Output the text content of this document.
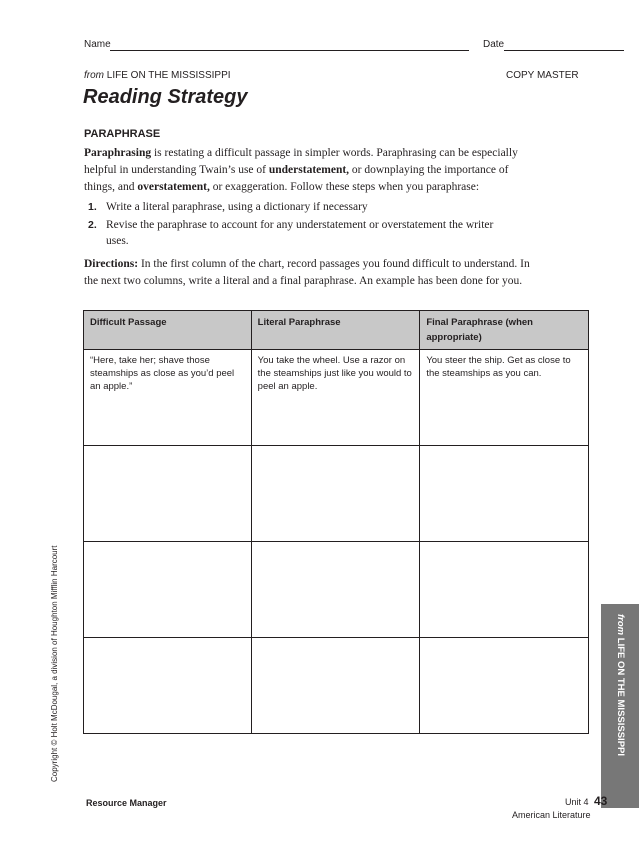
Name	Date
from LIFE ON THE MISSISSIPPI	COPY MASTER
Reading Strategy
PARAPHRASE
Paraphrasing is restating a difficult passage in simpler words. Paraphrasing can be especially helpful in understanding Twain’s use of understatement, or downplaying the importance of things, and overstatement, or exaggeration. Follow these steps when you paraphrase:
1. Write a literal paraphrase, using a dictionary if necessary
2. Revise the paraphrase to account for any understatement or overstatement the writer uses.
Directions: In the first column of the chart, record passages you found difficult to understand. In the next two columns, write a literal and a final paraphrase. An example has been done for you.
Difficult Passage	Literal Paraphrase	Final Paraphrase (when appropriate)
“Here, take her; shave those steamships as close as you’d peel an apple.”	You take the wheel. Use a razor on the steamships just like you would to peel an apple.	You steer the ship. Get as close to the steamships as you can.

Copyright © Holt McDougal, a division of Houghton Mifflin Harcourt	from LIFE ON THE MISSISSIPPI
Resource Manager	Unit 4 43
American Literature
